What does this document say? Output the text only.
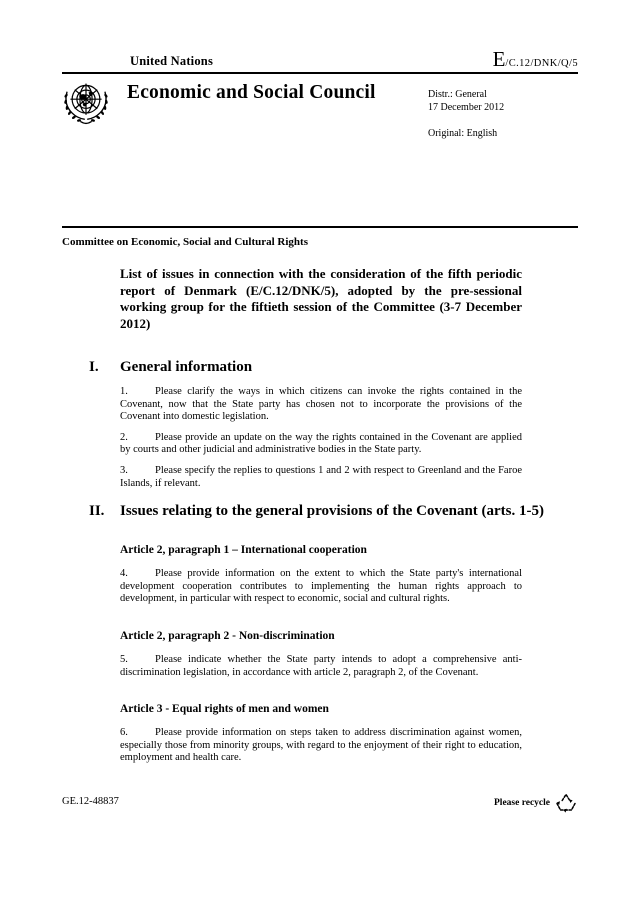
United Nations	E /C.12/DNK/Q/5
Economic and Social Council	Distr.: General
17 December 2012
Original: English
Committee on Economic, Social and Cultural Rights
List of issues in connection with the consideration of the fifth periodic report of Denmark (E/C.12/DNK/5), adopted by the pre-sessional working group for the fiftieth session of the Committee (3-7 December 2012)
I. General information

1.	Please clarify the ways in which citizens can invoke the rights contained in the Covenant, now that the State party has chosen not to incorporate the provisions of the Covenant into domestic legislation.

2.	Please provide an update on the way the rights contained in the Covenant are applied by courts and other judicial and administrative bodies in the State party.

3.	Please specify the replies to questions 1 and 2 with respect to Greenland and the Faroe Islands, if relevant.

II. Issues relating to the general provisions of the Covenant (arts. 1-5)
Article 2, paragraph 1 – International cooperation

4.	Please provide information on the extent to which the State party's international development cooperation contributes to implementing the human rights approach to development, in particular with respect to economic, social and cultural rights.

Article 2, paragraph 2 - Non-discrimination

5.	Please indicate whether the State party intends to adopt a comprehensive anti-discrimination legislation, in accordance with article 2, paragraph 2, of the Covenant.

Article 3 - Equal rights of men and women

6.	Please provide information on steps taken to address discrimination against women, especially those from minority groups, with regard to the enjoyment of their right to education, employment and health care.

GE.12-48837	Please recycle
